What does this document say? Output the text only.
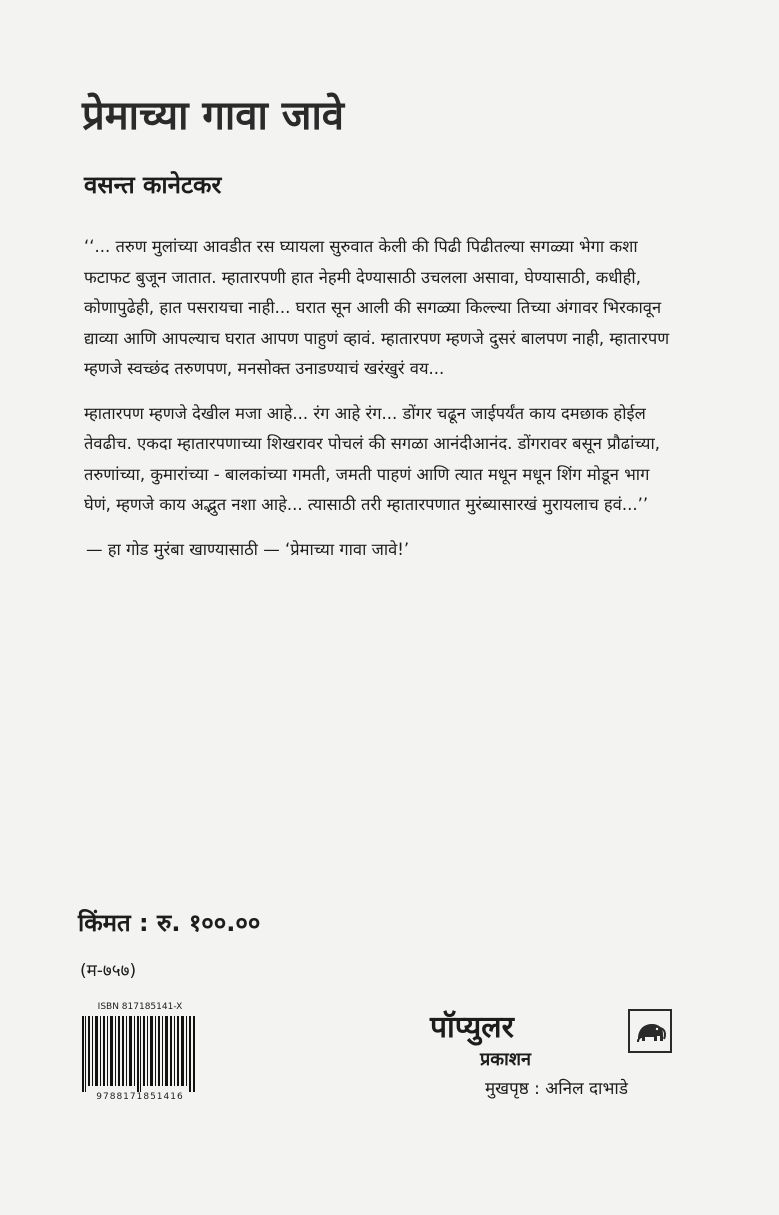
प्रेमाच्या गावा जावे
वसन्त कानेटकर

‘‘... तरुण मुलांच्या आवडीत रस घ्यायला सुरुवात केली की पिढी पिढीतल्या सगळ्या भेगा कशा फटाफट बुजून जातात. म्हातारपणी हात नेहमी देण्यासाठी उचलला असावा, घेण्यासाठी, कधीही, कोणापुढेही, हात पसरायचा नाही... घरात सून आली की सगळ्या किल्ल्या तिच्या अंगावर भिरकावून द्याव्या आणि आपल्याच घरात आपण पाहुणं व्हावं. म्हातारपण म्हणजे दुसरं बालपण नाही, म्हातारपण म्हणजे स्वच्छंद तरुणपण, मनसोक्त उनाडण्याचं खरंखुरं वय...

म्हातारपण म्हणजे देखील मजा आहे... रंग आहे रंग... डोंगर चढून जाईपर्यंत काय दमछाक होईल तेवढीच. एकदा म्हातारपणाच्या शिखरावर पोचलं की सगळा आनंदीआनंद. डोंगरावर बसून प्रौढांच्या, तरुणांच्या, कुमारांच्या - बालकांच्या गमती, जमती पाहणं आणि त्यात मधून मधून शिंग मोडून भाग घेणं, म्हणजे काय अद्भुत नशा आहे... त्यासाठी तरी म्हातारपणात मुरंब्यासारखं मुरायलाच हवं...’’

— हा गोड मुरंबा खाण्यासाठी — ‘प्रेमाच्या गावा जावे!’
किंमत : रु. १००.००
(म-७५७)
ISBN 817185141-X
9788171851416
पॉप्युलर
प्रकाशन
मुखपृष्ठ : अनिल दाभाडे
